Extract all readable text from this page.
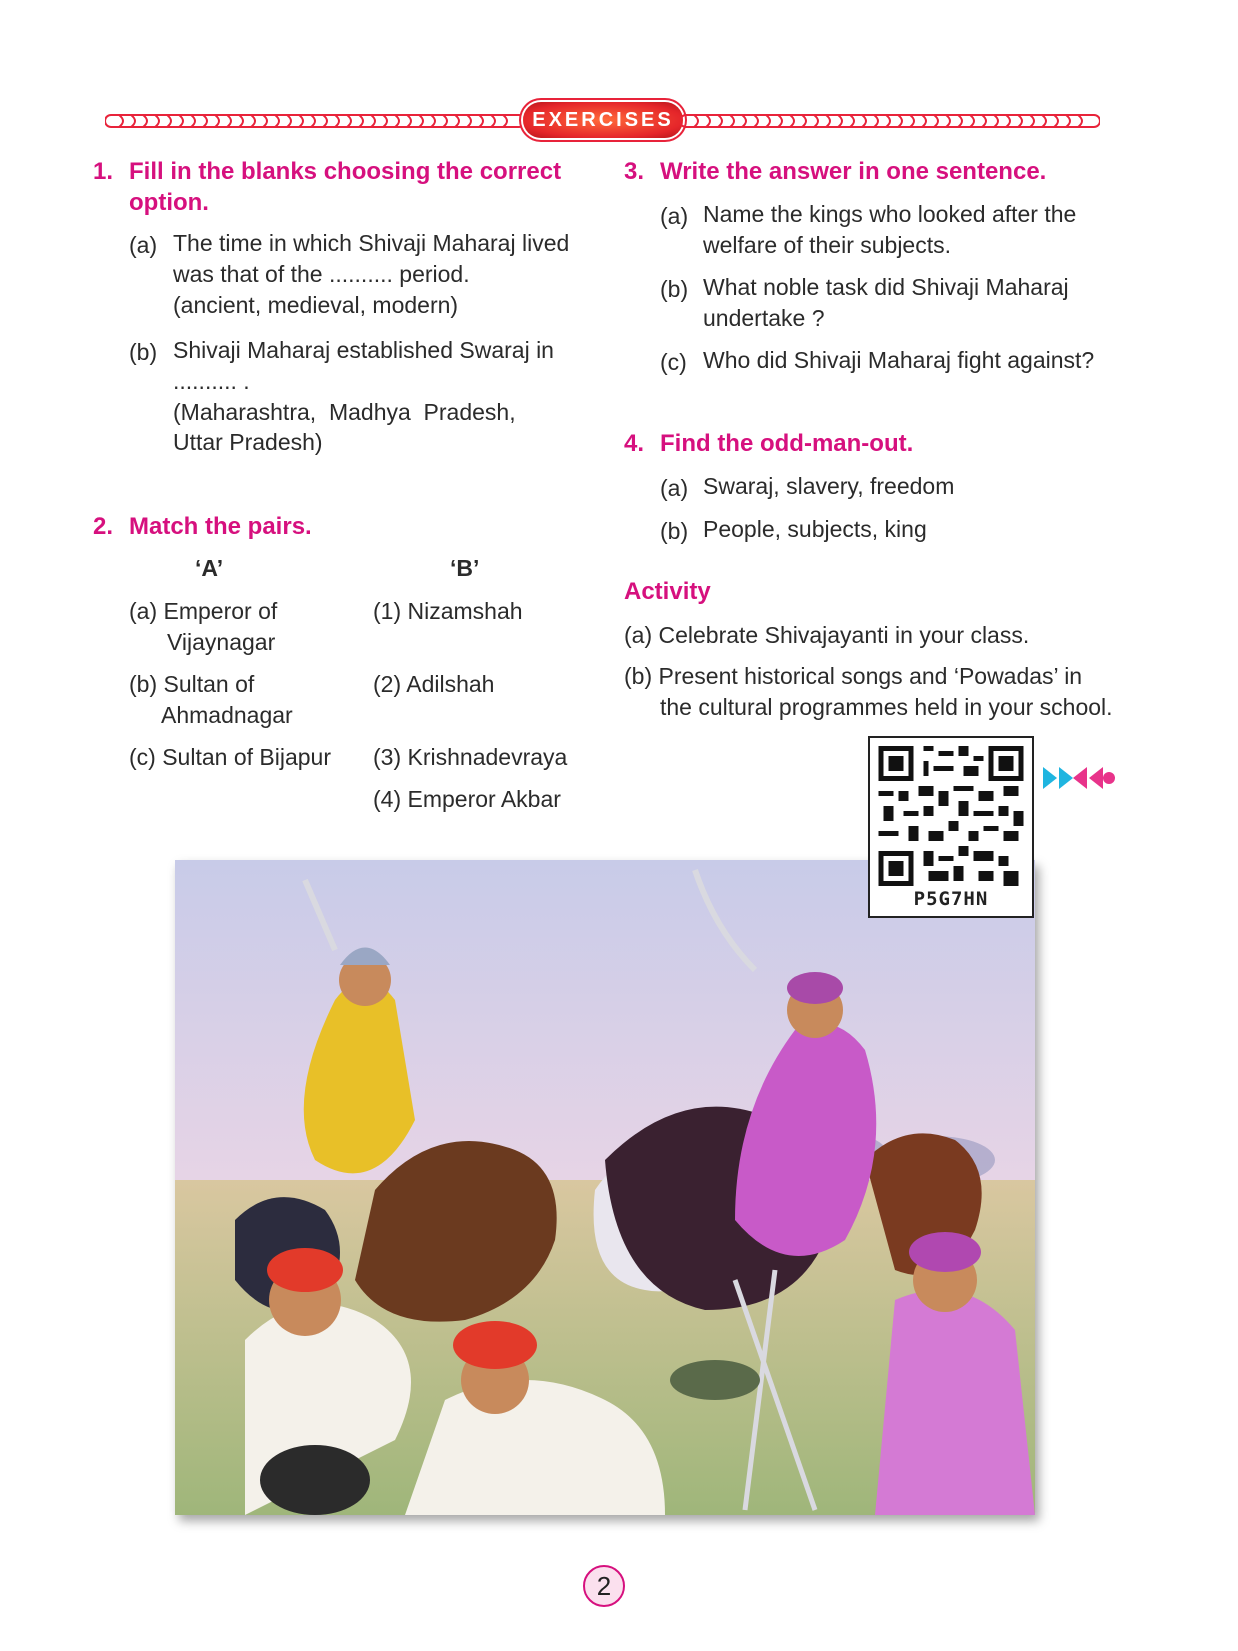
EXERCISES
1. Fill in the blanks choosing the correct
option.
(a) The time in which Shivaji Maharaj lived
was that of the .......... period.
(ancient, medieval, modern)
(b) Shivaji Maharaj established Swaraj in
.......... .
(Maharashtra,  Madhya  Pradesh,
Uttar Pradesh)
2. Match the pairs.
‘A’	‘B’
(a) Emperor of
Vijaynagar
(b) Sultan of
Ahmadnagar
(c) Sultan of Bijapur
(1) Nizamshah
(2) Adilshah
(3) Krishnadevraya
(4) Emperor Akbar
3. Write the answer in one sentence.
(a) Name the kings who looked after the
welfare of their subjects.
(b) What noble task did Shivaji Maharaj
undertake ?
(c) Who did Shivaji Maharaj fight against?
4. Find the odd-man-out.
(a) Swaraj, slavery, freedom
(b) People, subjects, king
Activity
(a) Celebrate Shivajayanti in your class.
(b) Present historical songs and ‘Powadas’ in
the cultural programmes held in your school.
P5G7HN
2
